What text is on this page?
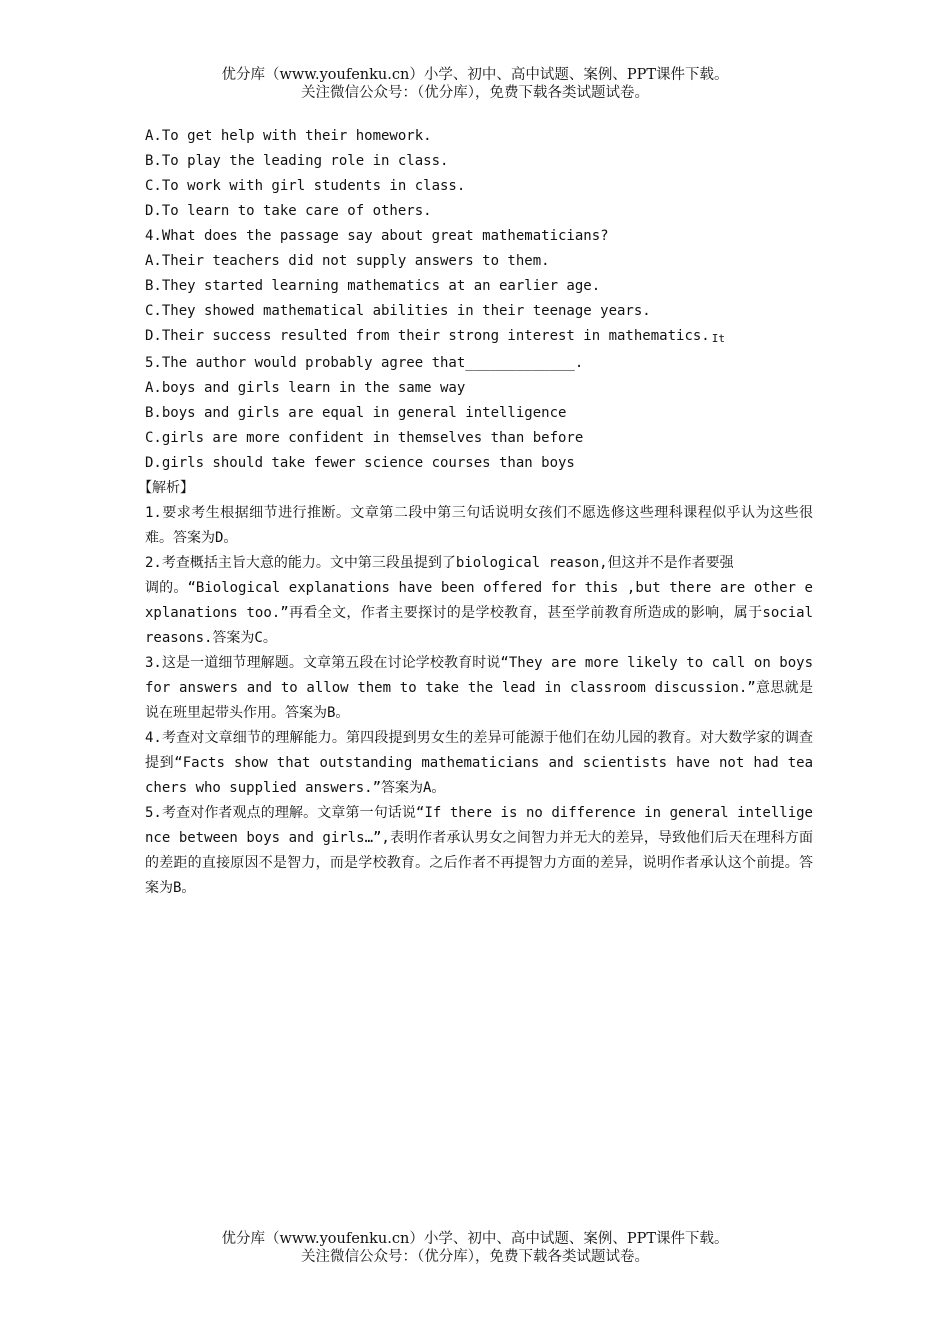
优分库（www.youfenku.cn）小学、初中、高中试题、案例、PPT课件下载。
关注微信公众号：（优分库），免费下载各类试题试卷。
A.To get help with their homework.
B.To play the leading role in class.
C.To work with girl students in class.
D.To learn to take care of others.
4.What does the passage say about great mathematicians?
A.Their teachers did not supply answers to them.
B.They started learning mathematics at an earlier age.
C.They showed mathematical abilities in their teenage years.
D.Their success resulted from their strong interest in mathematics. It
5.The author would probably agree that_____________.
A.boys and girls learn in the same way
B.boys and girls are equal in general intelligence
C.girls are more confident in themselves than before
D.girls should take fewer science courses than boys
【解析】
1.要求考生根据细节进行推断。文章第二段中第三句话说明女孩们不愿选修这些理科课程似乎认为这些很难。答案为D。
2.考查概括主旨大意的能力。文中第三段虽提到了biological reason,但这并不是作者要强
调的。“Biological explanations have been offered for this ,but there are other explanations too.”再看全文，作者主要探讨的是学校教育，甚至学前教育所造成的影响，属于social reasons.答案为C。
3.这是一道细节理解题。文章第五段在讨论学校教育时说“They are more likely to call on boys for answers and to allow them to take the lead in classroom discussion.”意思就是说在班里起带头作用。答案为B。
4.考查对文章细节的理解能力。第四段提到男女生的差异可能源于他们在幼儿园的教育。对大数学家的调查提到“Facts show that outstanding mathematicians and scientists have not had teachers who supplied answers.”答案为A。
5.考查对作者观点的理解。文章第一句话说“If there is no difference in general intelligence between boys and girls…”,表明作者承认男女之间智力并无大的差异，导致他们后天在理科方面的差距的直接原因不是智力，而是学校教育。之后作者不再提智力方面的差异，说明作者承认这个前提。答案为B。
优分库（www.youfenku.cn）小学、初中、高中试题、案例、PPT课件下载。
关注微信公众号：（优分库），免费下载各类试题试卷。
